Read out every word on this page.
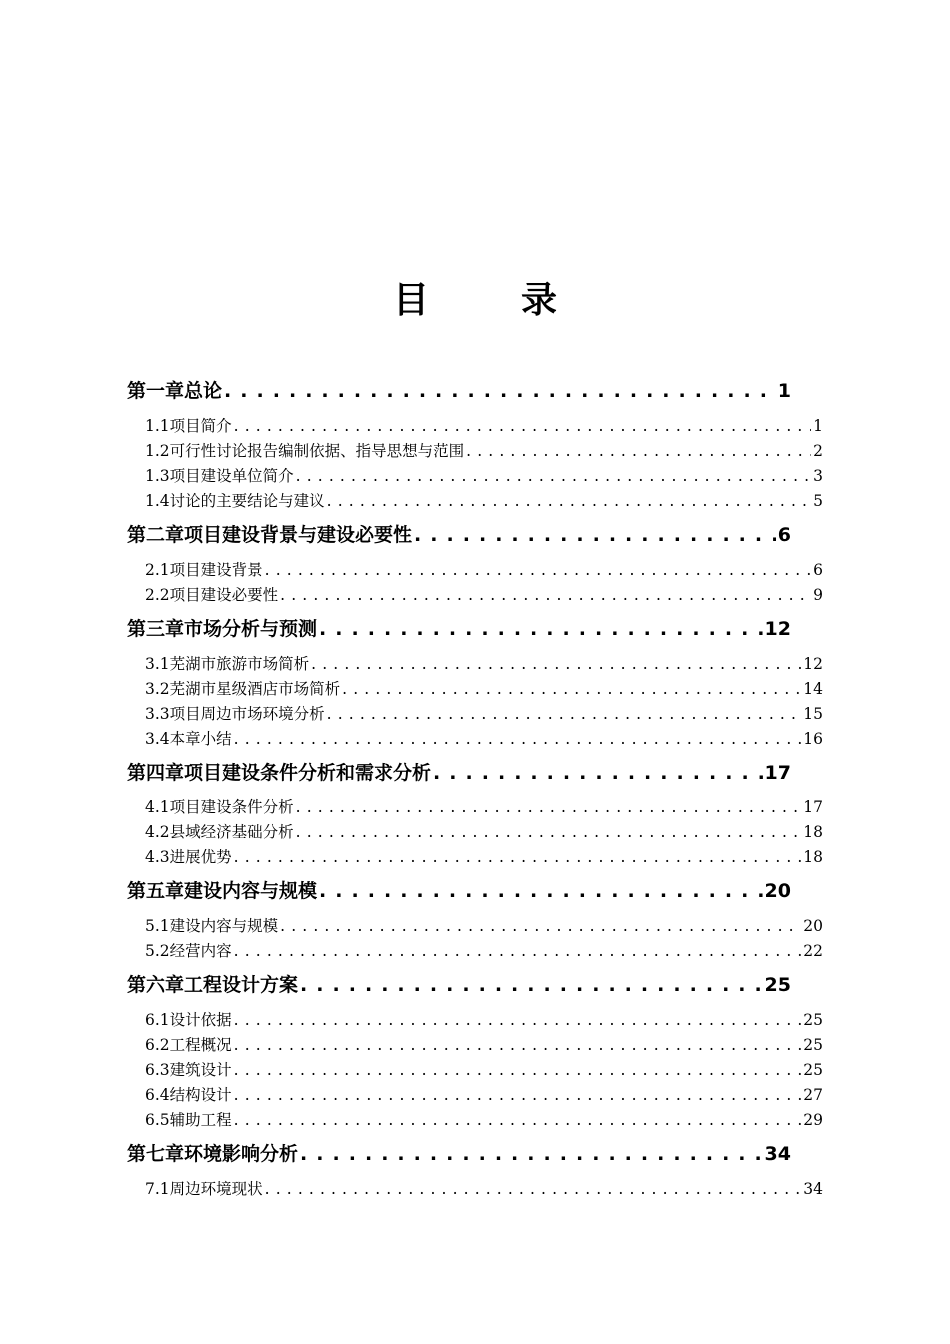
目　录
第一章 总论 . . .	1
1.1 项目简介 . . .	1
1.2 可行性讨论报告编制依据、指导思想与范围 . . .	2
1.3 项目建设单位简介 . . .	3
1.4 讨论的主要结论与建议 . . .	5
第二章 项目建设背景与建设必要性 . . .	6
2.1 项目建设背景 . . .	6
2.2 项目建设必要性 . . .	9
第三章 市场分析与预测 . . .	12
3.1 芜湖市旅游市场简析 . . .	12
3.2 芜湖市星级酒店市场简析 . . .	14
3.3 项目周边市场环境分析 . . .	15
3.4 本章小结 . . .	16
第四章 项目建设条件分析和需求分析 . . .	17
4.1 项目建设条件分析 . . .	17
4.2 县域经济基础分析 . . .	18
4.3 进展优势 . . .	18
第五章 建设内容与规模 . . .	20
5.1 建设内容与规模 . . .	20
5.2 经营内容 . . .	22
第六章 工程设计方案 . . .	25
6.1 设计依据 . . .	25
6.2 工程概况 . . .	25
6.3 建筑设计 . . .	25
6.4 结构设计 . . .	27
6.5 辅助工程 . . .	29
第七章 环境影响分析 . . .	34
7.1 周边环境现状 . . .	34
